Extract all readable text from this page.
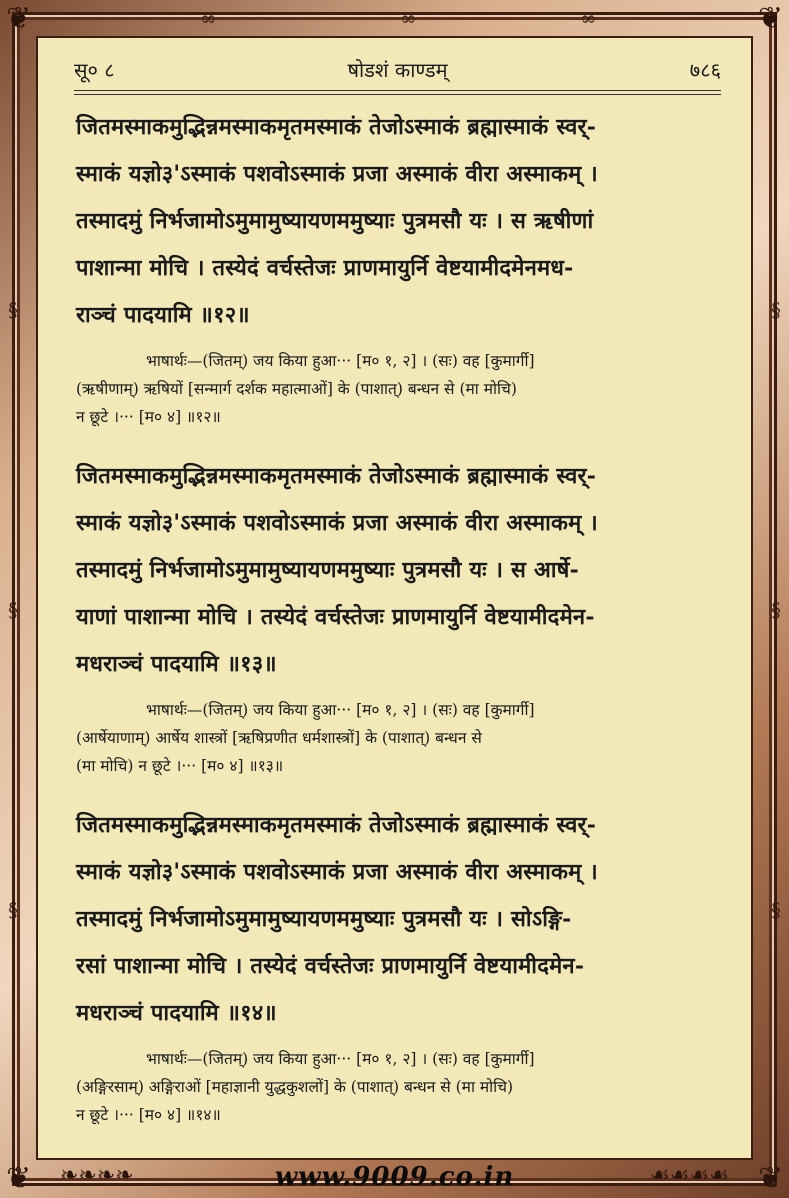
❦	❦
❦	❦
§
§
§
§
§
§
∞	∞	∞
सू० ८	षोडशं काण्डम्	७८६

जितमस्माकमुद्भिन्नमस्माकमृतमस्माकं तेजोऽस्माकं ब्रह्मास्माकं स्वर्-

स्माकं यज्ञो३'ऽस्माकं पशवोऽस्माकं प्रजा अस्माकं वीरा अस्माकम् ।

तस्मादमुं निर्भजामोऽमुमामुष्यायणममुष्याः पुत्रमसौ यः । स ऋषीणां

पाशान्मा मोचि । तस्येदं वर्चस्तेजः प्राणमायुर्नि वेष्टयामीदमेनमध-

राञ्चं पादयामि ॥१२॥

भाषार्थः—(जितम्) जय किया हुआ··· [म० १, २] । (सः) वह [कुमार्गी]

(ऋषीणाम्) ऋषियों [सन्मार्ग दर्शक महात्माओं] के (पाशात्) बन्धन से (मा मोचि)

न छूटे ।··· [म० ४] ॥१२॥

जितमस्माकमुद्भिन्नमस्माकमृतमस्माकं तेजोऽस्माकं ब्रह्मास्माकं स्वर्-

स्माकं यज्ञो३'ऽस्माकं पशवोऽस्माकं प्रजा अस्माकं वीरा अस्माकम् ।

तस्मादमुं निर्भजामोऽमुमामुष्यायणममुष्याः पुत्रमसौ यः । स आर्षे-

याणां पाशान्मा मोचि । तस्येदं वर्चस्तेजः प्राणमायुर्नि वेष्टयामीदमेन-

मधराञ्चं पादयामि ॥१३॥

भाषार्थः—(जितम्) जय किया हुआ··· [म० १, २] । (सः) वह [कुमार्गी]

(आर्षेयाणाम्) आर्षेय शास्त्रों [ऋषिप्रणीत धर्मशास्त्रों] के (पाशात्) बन्धन से

(मा मोचि) न छूटे ।··· [म० ४] ॥१३॥

जितमस्माकमुद्भिन्नमस्माकमृतमस्माकं तेजोऽस्माकं ब्रह्मास्माकं स्वर्-

स्माकं यज्ञो३'ऽस्माकं पशवोऽस्माकं प्रजा अस्माकं वीरा अस्माकम् ।

तस्मादमुं निर्भजामोऽमुमामुष्यायणममुष्याः पुत्रमसौ यः । सोऽङ्गि-

रसां पाशान्मा मोचि । तस्येदं वर्चस्तेजः प्राणमायुर्नि वेष्टयामीदमेन-

मधराञ्चं पादयामि ॥१४॥

भाषार्थः—(जितम्) जय किया हुआ··· [म० १, २] । (सः) वह [कुमार्गी]

(अङ्गिरसाम्) अङ्गिराओं [महाज्ञानी युद्धकुशलों] के (पाशात्) बन्धन से (मा मोचि)

न छूटे ।··· [म० ४] ॥१४॥

❧❧❧❧	☙☙☙☙
www.9009.co.in
